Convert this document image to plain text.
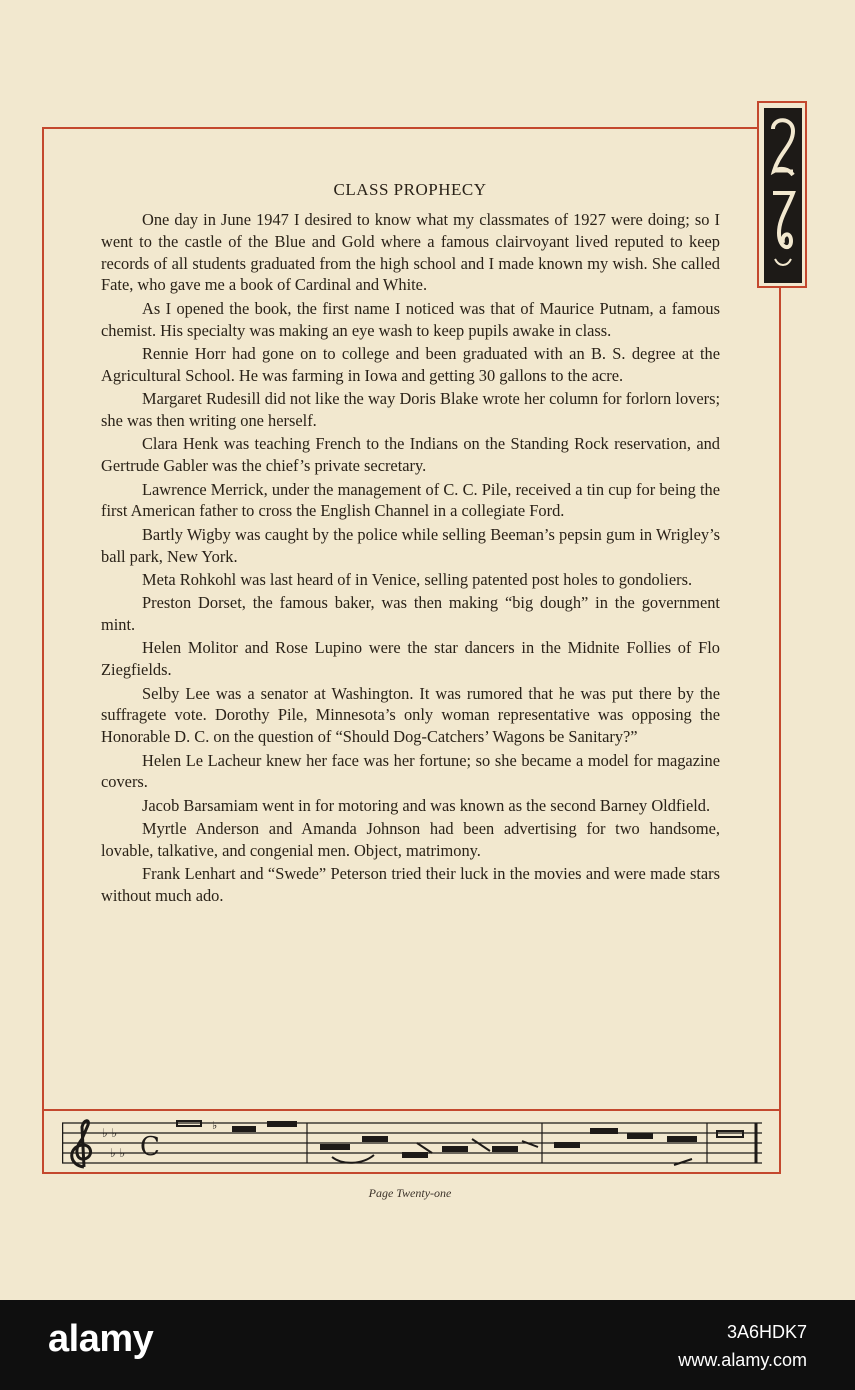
CLASS PROPHECY

One day in June 1947 I desired to know what my classmates of 1927 were doing; so I went to the castle of the Blue and Gold where a famous clairvoyant lived reputed to keep records of all students graduated from the high school and I made known my wish. She called Fate, who gave me a book of Cardinal and White.

As I opened the book, the first name I noticed was that of Maurice Putnam, a famous chemist. His specialty was making an eye wash to keep pupils awake in class.

Rennie Horr had gone on to college and been graduated with an B. S. degree at the Agricultural School. He was farming in Iowa and getting 30 gallons to the acre.

Margaret Rudesill did not like the way Doris Blake wrote her column for forlorn lovers; she was then writing one herself.

Clara Henk was teaching French to the Indians on the Standing Rock reservation, and Gertrude Gabler was the chief’s private secretary.

Lawrence Merrick, under the management of C. C. Pile, received a tin cup for being the first American father to cross the English Channel in a collegiate Ford.

Bartly Wigby was caught by the police while selling Beeman’s pepsin gum in Wrigley’s ball park, New York.

Meta Rohkohl was last heard of in Venice, selling patented post holes to gondoliers.

Preston Dorset, the famous baker, was then making “big dough” in the government mint.

Helen Molitor and Rose Lupino were the star dancers in the Midnite Follies of Flo Ziegfields.

Selby Lee was a senator at Washington. It was rumored that he was put there by the suffragete vote. Dorothy Pile, Minnesota’s only woman representative was opposing the Honorable D. C. on the question of “Should Dog-Catchers’ Wagons be Sanitary?”

Helen Le Lacheur knew her face was her fortune; so she became a model for magazine covers.

Jacob Barsamiam went in for motoring and was known as the second Barney Oldfield.

Myrtle Anderson and Amanda Johnson had been advertising for two handsome, lovable, talkative, and congenial men. Object, matrimony.

Frank Lenhart and “Swede” Peterson tried their luck in the movies and were made stars without much ado.

♭ ♭
♭ ♭ C
♭
Page Twenty-one
alamy	3A6HDK7
www.alamy.com
